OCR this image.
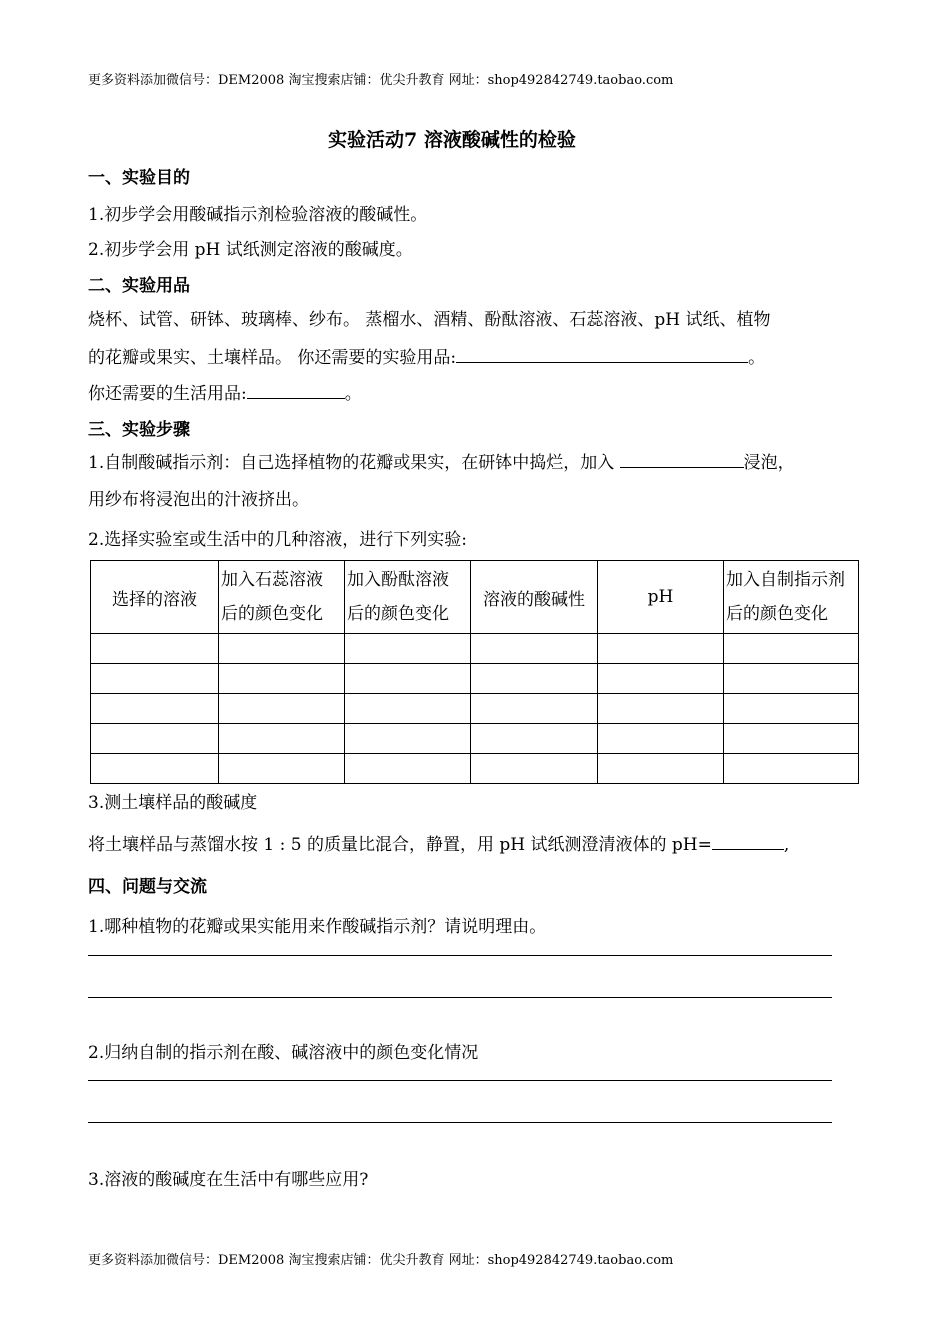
更多资料添加微信号：DEM2008 淘宝搜索店铺：优尖升教育 网址：shop492842749.taobao.com
实验活动7 溶液酸碱性的检验
一、实验目的
1.初步学会用酸碱指示剂检验溶液的酸碱性。
2.初步学会用 pH 试纸测定溶液的酸碱度。
二、实验用品
烧杯、试管、研钵、玻璃棒、纱布。 蒸榴水、酒精、酚酞溶液、石蕊溶液、pH 试纸、植物
的花瓣或果实、土壤样品。 你还需要的实验用品:	。
你还需要的生活用品:	。
三、实验步骤
1.自制酸碱指示剂：自己选择植物的花瓣或果实，在研钵中捣烂，加入	浸泡，
用纱布将浸泡出的汁液挤出。
2.选择实验室或生活中的几种溶液，进行下列实验:
选择的溶液	加入石蕊溶液后的颜色变化	加入酚酞溶液后的颜色变化	溶液的酸碱性	pH	加入自制指示剂后的颜色变化

3.测土壤样品的酸碱度
将土壤样品与蒸馏水按 1 : 5 的质量比混合，静置，用 pH 试纸测澄清液体的 pH=	,
四、问题与交流
1.哪种植物的花瓣或果实能用来作酸碱指示剂？请说明理由。
2.归纳自制的指示剂在酸、碱溶液中的颜色变化情况
3.溶液的酸碱度在生活中有哪些应用?
更多资料添加微信号：DEM2008 淘宝搜索店铺：优尖升教育 网址：shop492842749.taobao.com
